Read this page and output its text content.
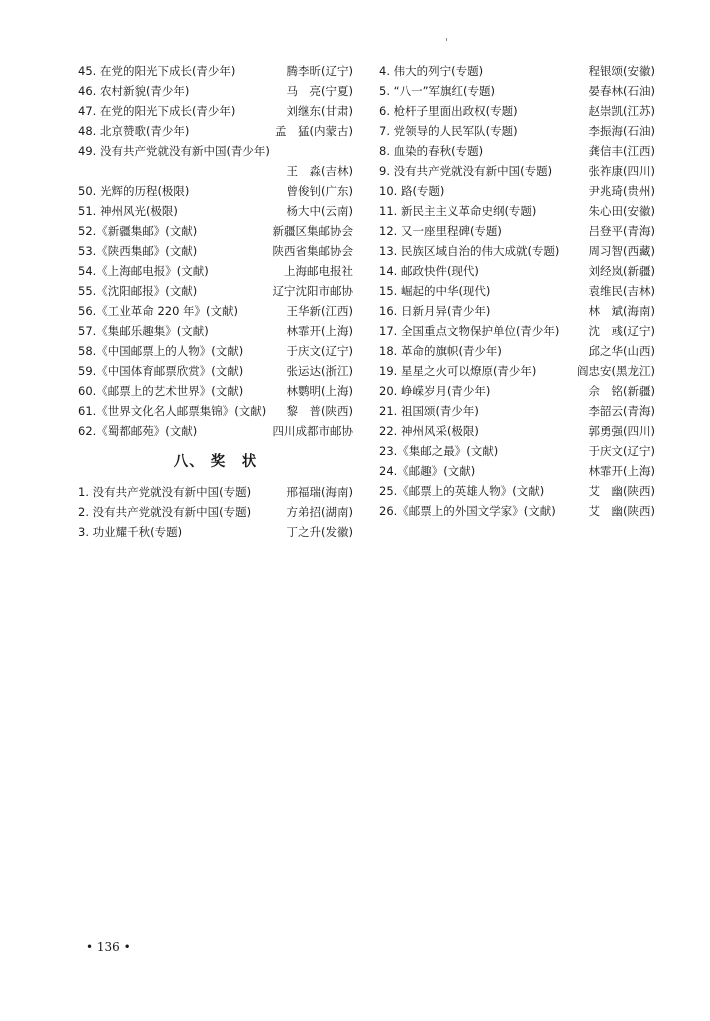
45. 在党的阳光下成长(青少年)	腾李昕(辽宁)
46. 农村新貌(青少年)	马　亮(宁夏)
47. 在党的阳光下成长(青少年)	刘继东(甘肃)
48. 北京赞歌(青少年)	孟　猛(内蒙古)
49. 没有共产党就没有新中国(青少年)
王　淼(吉林)
50. 光辉的历程(极限)	曾俊钊(广东)
51. 神州风光(极限)	杨大中(云南)
52.《新疆集邮》(文献)	新疆区集邮协会
53.《陕西集邮》(文献)	陕西省集邮协会
54.《上海邮电报》(文献)	上海邮电报社
55.《沈阳邮报》(文献)	辽宁沈阳市邮协
56.《工业革命 220 年》(文献)	王华新(江西)
57.《集邮乐趣集》(文献)	林霏开(上海)
58.《中国邮票上的人物》(文献)	于庆文(辽宁)
59.《中国体育邮票欣赏》(文献)	张运达(浙江)
60.《邮票上的艺术世界》(文献)	林鹦明(上海)
61.《世界文化名人邮票集锦》(文献) 黎　普(陕西)
62.《蜀都邮苑》(文献)	四川成都市邮协
八、 奖　状
1. 没有共产党就没有新中国(专题)	邢福瑞(海南)
2. 没有共产党就没有新中国(专题)	方弟招(湖南)
3. 功业耀千秋(专题)	丁之升(发徽)
4. 伟大的列宁(专题)	程银颂(安徽)
5. “八一”军旗红(专题)	晏春林(石油)
6. 枪杆子里面出政权(专题)	赵崇凯(江苏)
7. 党领导的人民军队(专题)	李振海(石油)
8. 血染的春秋(专题)	龚信丰(江西)
9. 没有共产党就没有新中国(专题)	张祚康(四川)
10. 路(专题)	尹兆琦(贵州)
11. 新民主主义革命史纲(专题)	朱心田(安徽)
12. 又一座里程碑(专题)	吕登平(青海)
13. 民族区域自治的伟大成就(专题)	周习智(西藏)
14. 邮政快件(现代)	刘经岚(新疆)
15. 崛起的中华(现代)	袁维民(吉林)
16. 日新月异(青少年)	林　斌(海南)
17. 全国重点文物保护单位(青少年)	沈　彧(辽宁)
18. 革命的旗帜(青少年)	邱之华(山西)
19. 星星之火可以燎原(青少年)	阎忠安(黑龙江)
20. 峥嵘岁月(青少年)	佘　铭(新疆)
21. 祖国颂(青少年)	李韶云(青海)
22. 神州风采(极限)	郭勇强(四川)
23.《集邮之最》(文献)	于庆文(辽宁)
24.《邮趣》(文献)	林霏开(上海)
25.《邮票上的英雄人物》(文献)	艾　幽(陕西)
26.《邮票上的外国文学家》(文献)	艾　幽(陕西)
• 136 •
